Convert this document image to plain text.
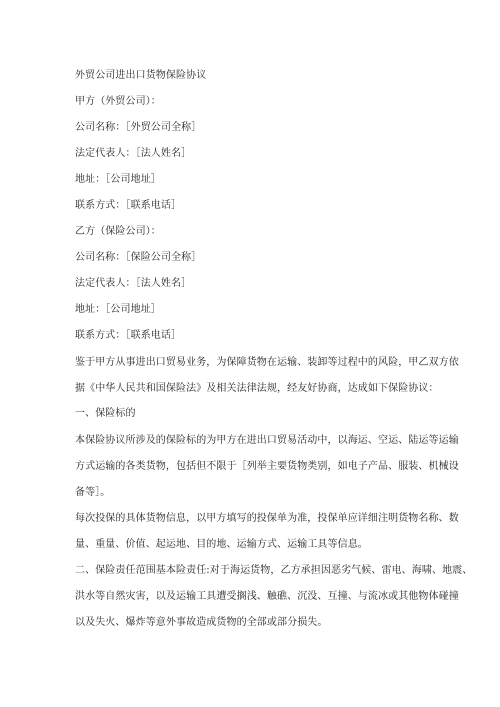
外贸公司进出口货物保险协议
甲方（外贸公司）：
公司名称：［外贸公司全称］
法定代表人：［法人姓名］
地址：［公司地址］
联系方式：［联系电话］
乙方（保险公司）：
公司名称：［保险公司全称］
法定代表人：［法人姓名］
地址：［公司地址］
联系方式：［联系电话］
鉴于甲方从事进出口贸易业务，为保障货物在运输、装卸等过程中的风险，甲乙双方依
据《中华人民共和国保险法》及相关法律法规，经友好协商，达成如下保险协议：
一、保险标的
本保险协议所涉及的保险标的为甲方在进出口贸易活动中，以海运、空运、陆运等运输
方式运输的各类货物，包括但不限于［列举主要货物类别，如电子产品、服装、机械设
备等］。
每次投保的具体货物信息，以甲方填写的投保单为准，投保单应详细注明货物名称、数
量、重量、价值、起运地、目的地、运输方式、运输工具等信息。
二、保险责任范围基本险责任:对于海运货物，乙方承担因恶劣气候、雷电、海啸、地震、
洪水等自然灾害，以及运输工具遭受搁浅、触礁、沉没、互撞、与流冰或其他物体碰撞
以及失火、爆炸等意外事故造成货物的全部或部分损失。
